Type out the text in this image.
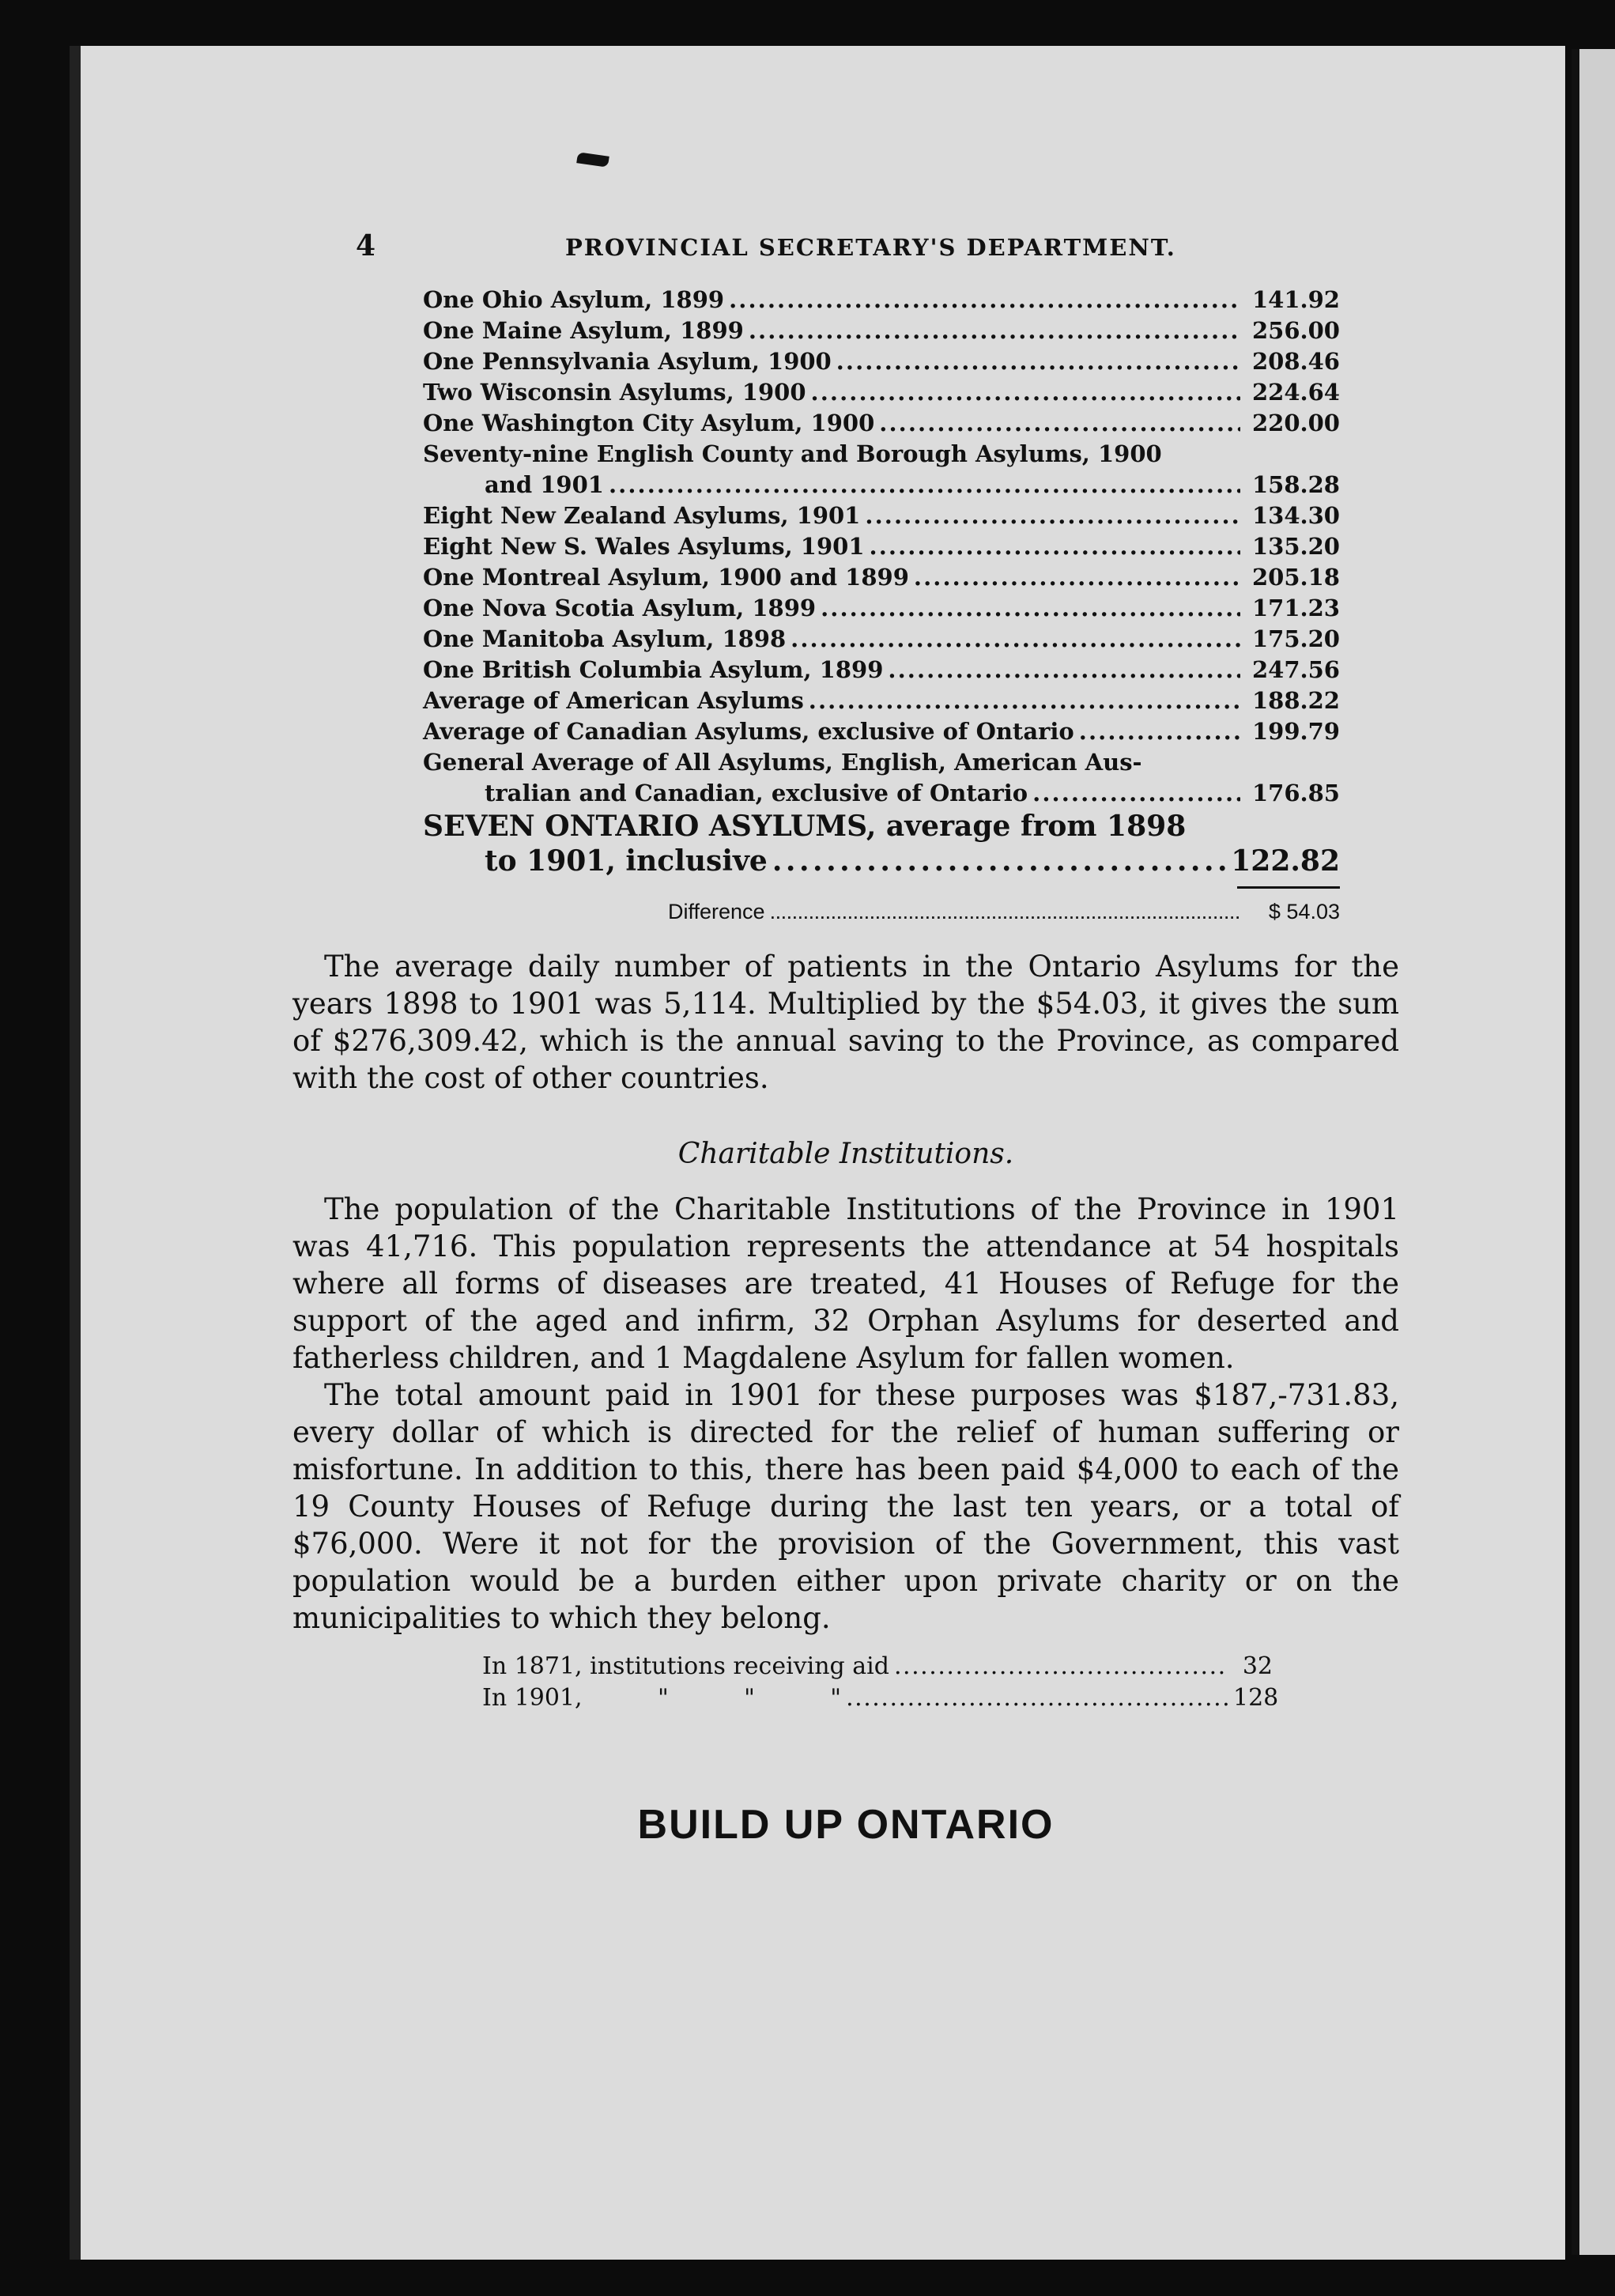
4	PROVINCIAL SECRETARY'S DEPARTMENT.
One Ohio Asylum, 1899 . . .	141.92
One Maine Asylum, 1899 . . .	256.00
One Pennsylvania Asylum, 1900 . . .	208.46
Two Wisconsin Asylums, 1900 . . .	224.64
One Washington City Asylum, 1900 . . .	220.00
Seventy-nine English County and Borough Asylums, 1900
and 1901 . . .	158.28
Eight New Zealand Asylums, 1901 . . .	134.30
Eight New S. Wales Asylums, 1901 . . .	135.20
One Montreal Asylum, 1900 and 1899 . . .	205.18
One Nova Scotia Asylum, 1899 . . .	171.23
One Manitoba Asylum, 1898 . . .	175.20
One British Columbia Asylum, 1899 . . .	247.56
Average of American Asylums . . .	188.22
Average of Canadian Asylums, exclusive of Ontario . . .	199.79
General Average of All Asylums, English, American Aus-
tralian and Canadian, exclusive of Ontario . . .	176.85
SEVEN ONTARIO ASYLUMS, average from 1898
to 1901, inclusive . . .	122.82
Difference . . .	$ 54.03

The average daily number of patients in the Ontario Asylums for the years 1898 to 1901 was 5,114. Multiplied by the $54.03, it gives the sum of $276,309.42, which is the annual saving to the Province, as compared with the cost of other countries.

Charitable Institutions.

The population of the Charitable Institutions of the Province in 1901 was 41,716. This population represents the attendance at 54 hospitals where all forms of diseases are treated, 41 Houses of Refuge for the support of the aged and infirm, 32 Orphan Asylums for deserted and fatherless children, and 1 Magdalene Asylum for fallen women.

The total amount paid in 1901 for these purposes was $187,-731.83, every dollar of which is directed for the relief of human suffering or misfortune. In addition to this, there has been paid $4,000 to each of the 19 County Houses of Refuge during the last ten years, or a total of $76,000. Were it not for the provision of the Government, this vast population would be a burden either upon private charity or on the municipalities to which they belong.

In 1871, institutions receiving aid . . .	32
In 1901,          "          "          " . . .	128
BUILD UP ONTARIO
